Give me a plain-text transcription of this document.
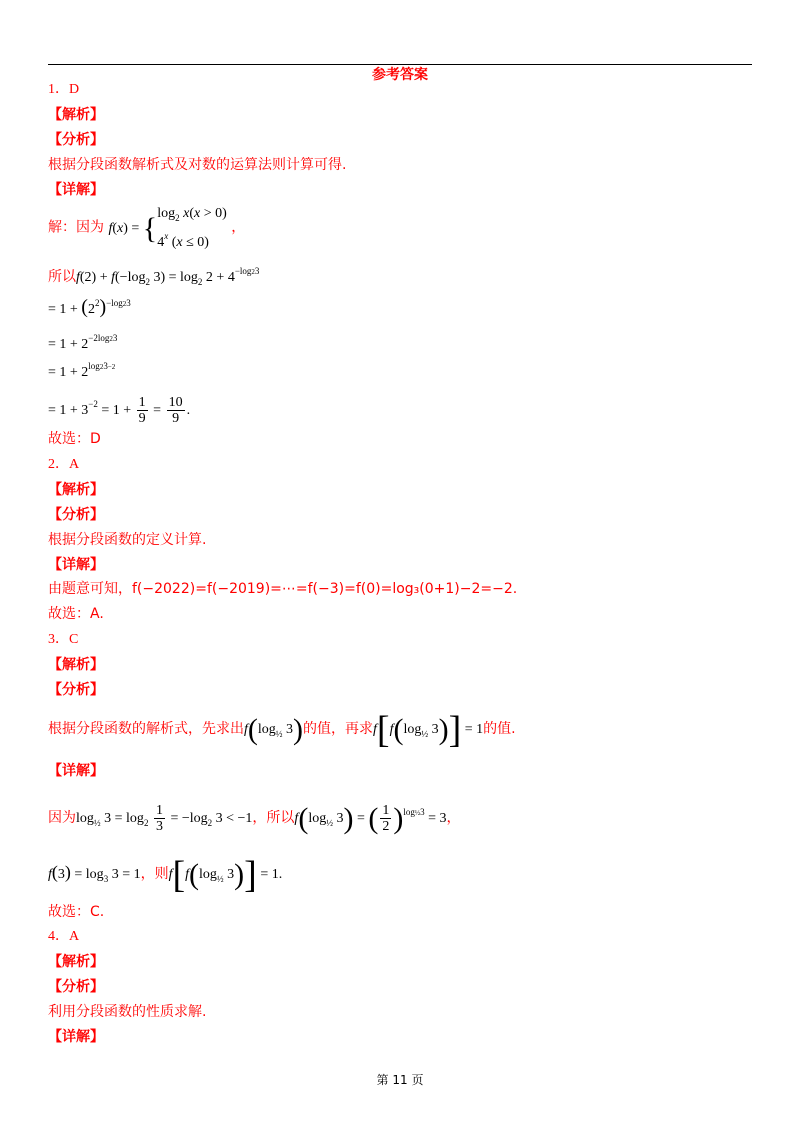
参考答案
1．D
【解析】
【分析】
根据分段函数解析式及对数的运算法则计算可得.
【详解】
解：因为 f(x) = { $\log_2 x(x > 0)$
4$^x$ (x ≤ 0)
，
所以$f(2) + f(-\log_2$ $3) = \log_2 2 + 4^{-log23}$
= $1 + (2^2)^{-log23}$
= $1 + 2^{-2log23}$
= $1 + 2^{log23-2}$
= $1 + 3^{-2} = 1 + \frac{1}{9} = \frac{10}{9}$ .
故选：D
2．A
【解析】
【分析】
根据分段函数的定义计算.
【详解】
由题意可知，f(−2022)=f(−2019)=⋯=f(−3)=f(0)=log₃(0+1)−2=−2.
故选：A.
3．C
【解析】
【分析】
根据分段函数的解析式，先求出$f(\log_{\frac{1}{2}}$ 3)的值，再求$f[f(\log_{\frac{1}{2}}$ 3)] = 1的值.
【详解】
因为$\log_{\frac{1}{2}} 3 = \log_2 \frac{1}{3} = -\log_2$ 3 < −1，所以$f(\log_{\frac{1}{2}}$ 3) = ( $\frac{1}{2} )^{log\frac{1}{2}3} = 3$，
$f(3) = \log_3 3 = 1$，则$f[f(\log_{\frac{1}{2}}$ 3)] = 1.
故选：C.
4．A
【解析】
【分析】
利用分段函数的性质求解.
【详解】
第 11 页
